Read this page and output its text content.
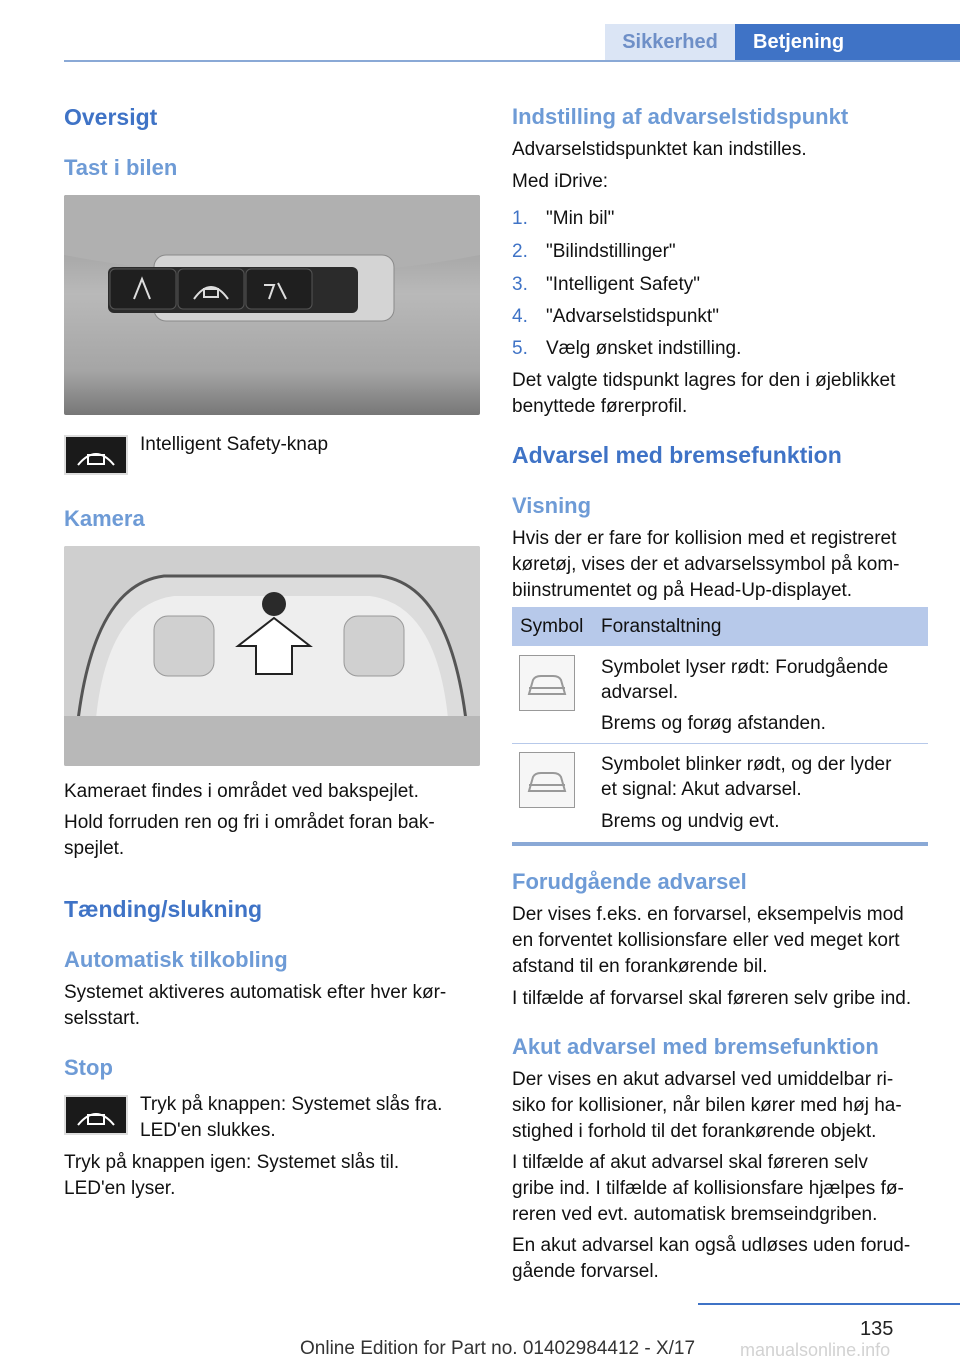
Sikkerhed	Betjening
Oversigt
Tast i bilen
Intelligent Safety-knap
Kamera
Kameraet findes i området ved bakspejlet.
Hold forruden ren og fri i området foran bak-
spejlet.
Tænding/slukning
Automatisk tilkobling
Systemet aktiveres automatisk efter hver kør-
selsstart.
Stop
Tryk på knappen: Systemet slås fra.
LED'en slukkes.
Tryk på knappen igen: Systemet slås til.
LED'en lyser.
Indstilling af advarselstidspunkt
Advarselstidspunktet kan indstilles.
Med iDrive:
1. "Min bil"
2. "Bilindstillinger"
3. "Intelligent Safety"
4. "Advarselstidspunkt"
5. Vælg ønsket indstilling.
Det valgte tidspunkt lagres for den i øjeblikket
benyttede førerprofil.
Advarsel med bremsefunktion
Visning
Hvis der er fare for kollision med et registreret
køretøj, vises der et advarselssymbol på kom-
biinstrumentet og på Head-Up-displayet.
Symbol Foranstaltning
Symbolet lyser rødt: Forudgående
advarsel.
Brems og forøg afstanden.
Symbolet blinker rødt, og der lyder
et signal: Akut advarsel.
Brems og undvig evt.
Forudgående advarsel
Der vises f.eks. en forvarsel, eksempelvis mod
en forventet kollisionsfare eller ved meget kort
afstand til en forankørende bil.
I tilfælde af forvarsel skal føreren selv gribe ind.
Akut advarsel med bremsefunktion
Der vises en akut advarsel ved umiddelbar ri-
siko for kollisioner, når bilen kører med høj ha-
stighed i forhold til det forankørende objekt.
I tilfælde af akut advarsel skal føreren selv
gribe ind. I tilfælde af kollisionsfare hjælpes fø-
reren ved evt. automatisk bremseindgriben.
En akut advarsel kan også udløses uden forud-
gående forvarsel.
135
Online Edition for Part no. 01402984412 - X/17 manualsonline.info
